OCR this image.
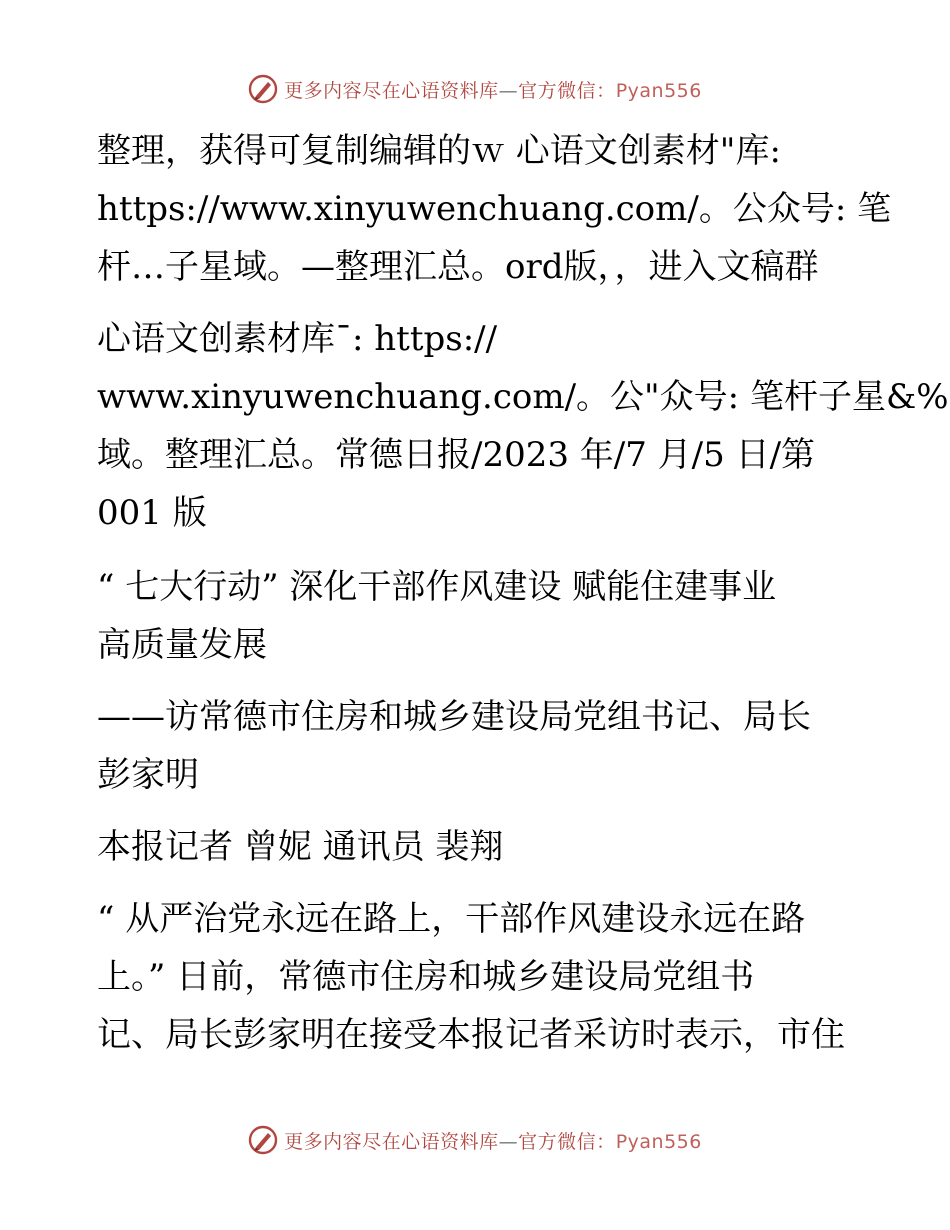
更多内容尽在心语资料库—官方微信：Pyan556
整理，获得可复制编辑的ｗ 心语文创素材"库:
https://www.xinyuwenchuang.com/。公众号: 笔
杆…子星域。—整理汇总。ord版，，进入文稿群
心语文创素材库¯: https://
www.xinyuwenchuang.com/。公"众号: 笔杆子星&%
域。整理汇总。常德日报/2023 年/7 月/5 日/第
001 版
“ 七大行动” 深化干部作风建设 赋能住建事业
高质量发展
——访常德市住房和城乡建设局党组书记、局长
彭家明
本报记者 曾妮 通讯员 裴翔
“ 从严治党永远在路上，干部作风建设永远在路
上。” 日前，常德市住房和城乡建设局党组书
记、局长彭家明在接受本报记者采访时表示，市住
更多内容尽在心语资料库—官方微信：Pyan556
